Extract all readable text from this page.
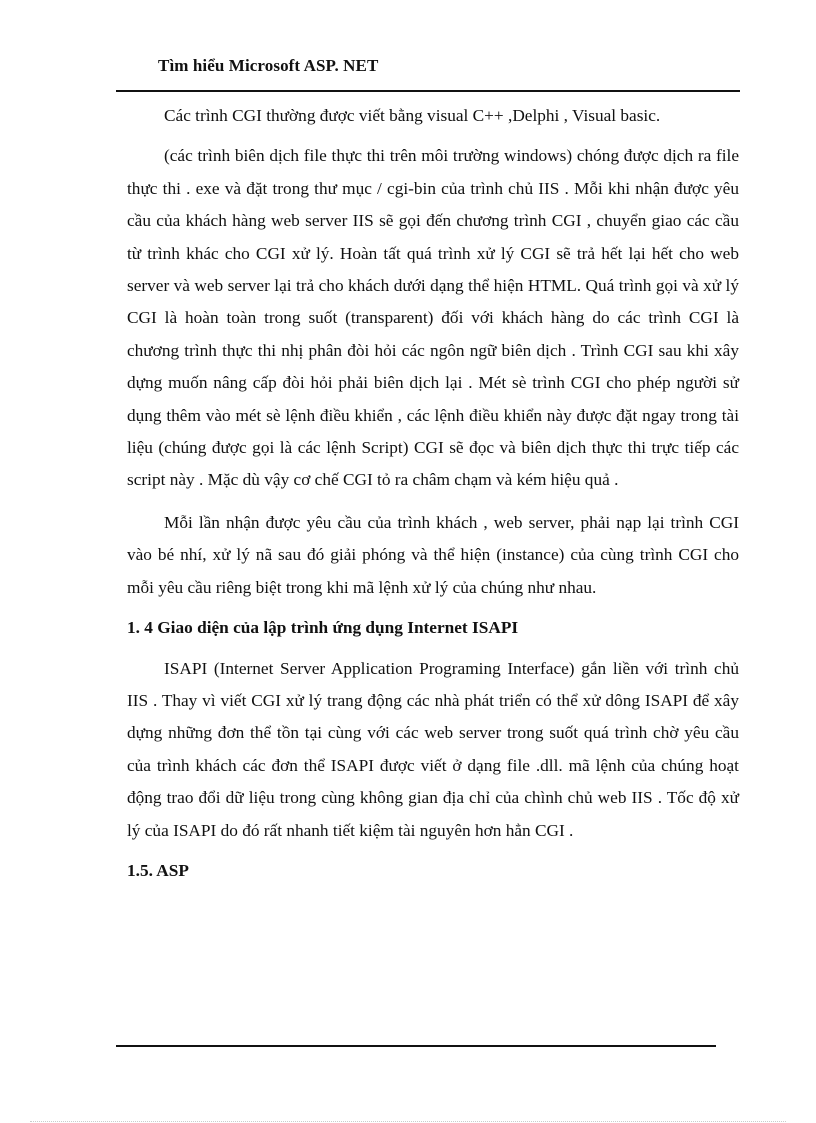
Tìm hiểu Microsoft ASP. NET

Các trình CGI thường được viết bằng visual C++ ,Delphi , Visual basic.

(các trình biên dịch file thực thi trên môi trường windows) chóng được dịch ra file thực thi . exe và đặt trong thư mục / cgi-bin của trình chủ IIS . Mỗi khi nhận được yêu cầu của khách hàng web server IIS sẽ gọi đến chương trình CGI , chuyển giao các cầu từ trình khác cho CGI xử lý. Hoàn tất quá trình xử lý CGI sẽ trả hết lại hết cho web server và web server lại trả cho khách dưới dạng thể hiện HTML. Quá trình gọi và xử lý CGI là hoàn toàn trong suốt (transparent) đối với khách hàng do các trình CGI là chương trình thực thi nhị phân đòi hỏi các ngôn ngữ biên dịch . Trình CGI sau khi xây dựng muốn nâng cấp đòi hỏi phải biên dịch lại . Mét sè trình CGI cho phép người sử dụng thêm vào mét sè lệnh điều khiển , các lệnh điều khiển này được đặt ngay trong tài liệu (chúng được gọi là các lệnh Script) CGI sẽ đọc và biên dịch thực thi trực tiếp các script này . Mặc dù vậy cơ chế CGI tỏ ra châm chạm và kém hiệu quả .

Mỗi lần nhận được yêu cầu của trình khách , web server, phải nạp lại trình CGI vào bé nhí, xử lý nã sau đó giải phóng và thể hiện (instance) của cùng trình CGI cho mỗi yêu cầu riêng biệt trong khi mã lệnh xử lý của chúng như nhau.

1. 4 Giao diện của lập trình ứng dụng Internet ISAPI

ISAPI (Internet Server Application Programing Interface) gắn liền với trình chủ IIS . Thay vì viết CGI xử lý trang động các nhà phát triển có thể xử dông ISAPI để xây dựng những đơn thể tồn tại cùng với các web server trong suốt quá trình chờ yêu cầu của trình khách các đơn thể ISAPI được viết ở dạng file .dll. mã lệnh của chúng hoạt động trao đổi dữ liệu trong cùng không gian địa chỉ của chình chủ web IIS . Tốc độ xử lý của ISAPI do đó rất nhanh tiết kiệm tài nguyên hơn hẳn CGI .

1.5. ASP
